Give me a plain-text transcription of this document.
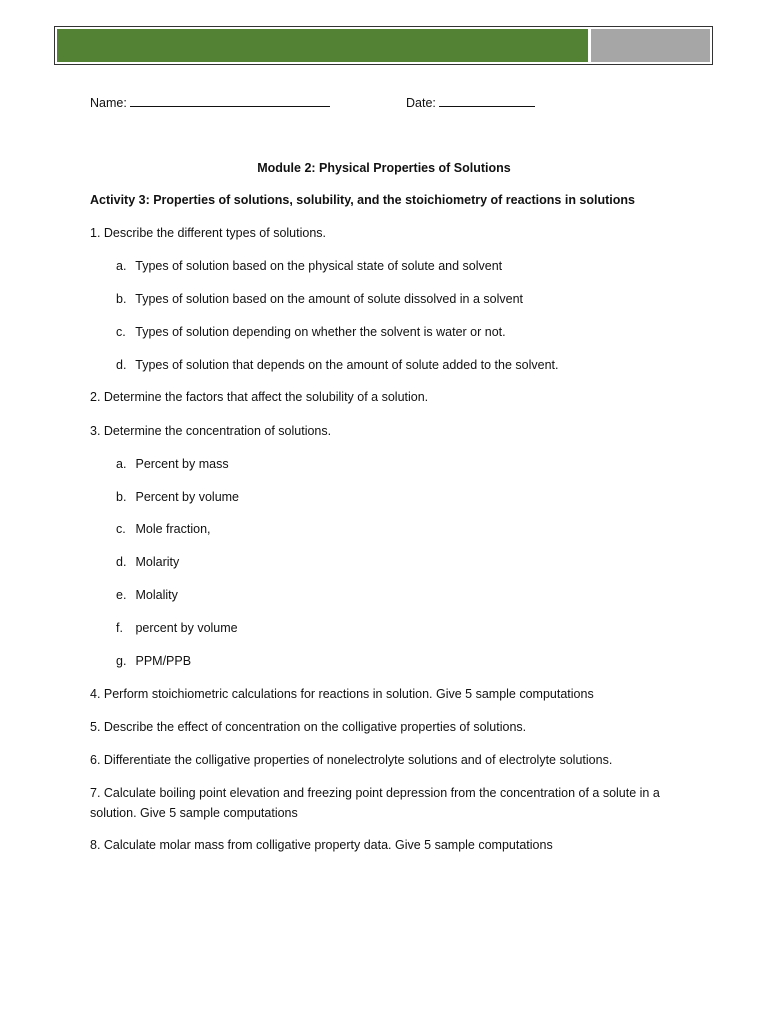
Name:	Date:
Module 2: Physical Properties of Solutions
Activity 3: Properties of solutions, solubility, and the stoichiometry of reactions in solutions
1. Describe the different types of solutions.
a. Types of solution based on the physical state of solute and solvent
b. Types of solution based on the amount of solute dissolved in a solvent
c. Types of solution depending on whether the solvent is water or not.
d. Types of solution that depends on the amount of solute added to the solvent.
2. Determine the factors that affect the solubility of a solution.
3. Determine the concentration of solutions.
a. Percent by mass
b. Percent by volume
c. Mole fraction,
d. Molarity
e. Molality
f. percent by volume
g. PPM/PPB
4. Perform stoichiometric calculations for reactions in solution. Give 5 sample computations
5. Describe the effect of concentration on the colligative properties of solutions.
6. Differentiate the colligative properties of nonelectrolyte solutions and of electrolyte solutions.
7. Calculate boiling point elevation and freezing point depression from the concentration of a solute in a solution. Give 5 sample computations
8. Calculate molar mass from colligative property data. Give 5 sample computations
